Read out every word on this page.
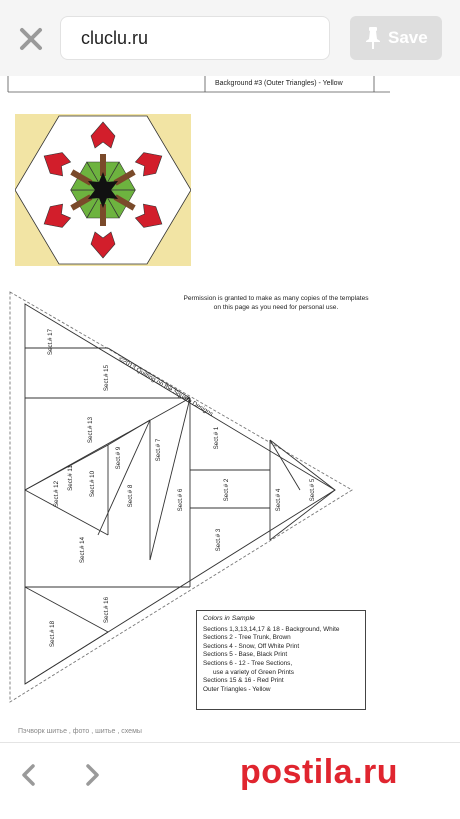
cluclu.ru	Save
Background #3 (Outer Triangles) - Yellow
Sect.# 17
Sect.# 15
Sect.# 13
Sect.# 9	Sect.# 7
Sect.# 1
Sect.# 12
Sect.# 11 Sect.# 10	Sect.# 8	Sect.# 6	Sect.# 2	Sect.# 4	Sect.# 5
Sect.# 14	Sect.# 3
Sect.# 18
Sect.# 16
©2013 Quilting on the Square Designs
Permission is granted to make as many copies of the templates
on this page as you need for personal use.
Colors in Sample
Sections 1,3,13,14,17 & 18 - Background, White
Sections 2 - Tree Trunk, Brown
Sections 4 - Snow, Off White Print
Sections 5 - Base, Black Print
Sections 6 - 12 - Tree Sections,
use a variety of Green Prints
Sections 15 & 16 - Red Print
Outer Triangles - Yellow
Пэчворк шитье , фото , шитье , схемы
postila.ru
